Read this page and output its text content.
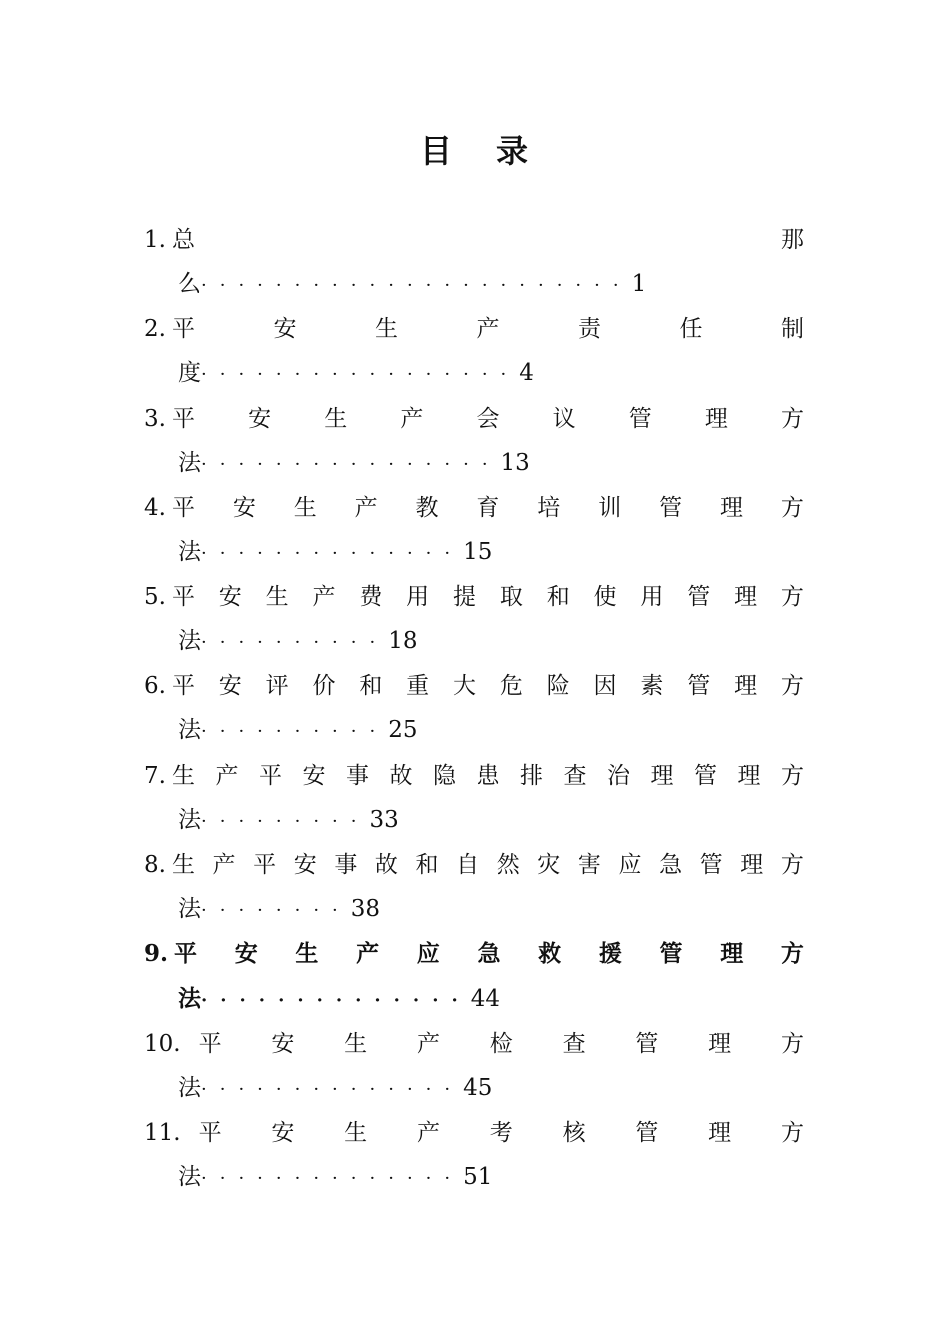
目 录
1. 总	那
么·······················1
2. 平	安	生	产	责	任	制
度·················4
3. 平 安 生 产 会 议 管 理 方
法················13
4. 平 安 生 产 教 育 培 训 管 理 方
法··············15
5. 平 安 生 产 费 用 提 取 和 使 用 管 理 方
法··········18
6. 平 安 评 价 和 重 大 危 险 因 素 管 理 方
法··········25
7. 生 产 平 安 事 故 隐 患 排 查 治 理 管 理 方
法·········33
8. 生 产 平 安 事 故 和 自 然 灾 害 应 急 管 理 方
法········38
9. 平 安 生 产 应 急 救 援 管 理 方
法··············44
10. 平 安 生 产 检 查 管 理 方
法··············45
11. 平 安 生 产 考 核 管 理 方
法··············51
